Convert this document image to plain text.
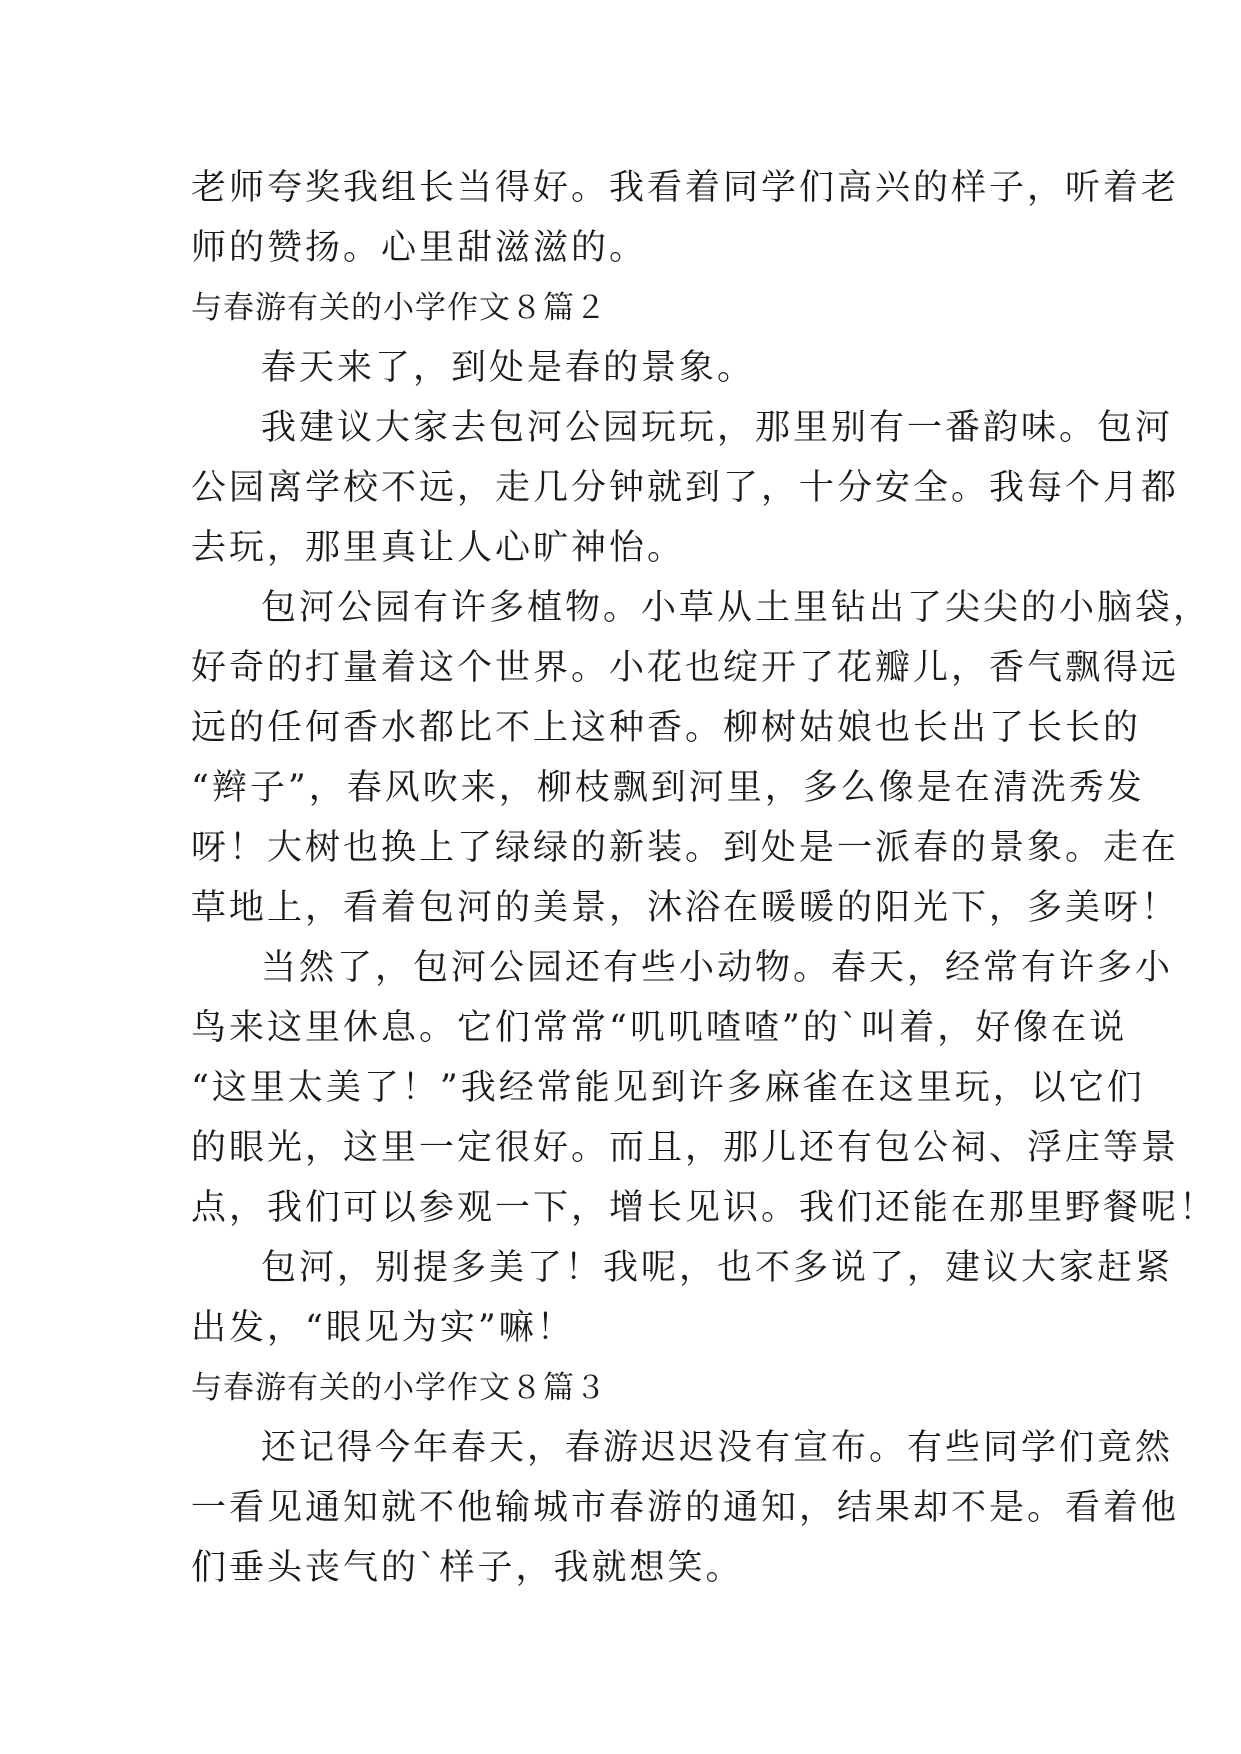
老师夸奖我组长当得好。我看着同学们高兴的样子，听着老
师的赞扬。心里甜滋滋的。
与春游有关的小学作文８篇２
春天来了，到处是春的景象。
我建议大家去包河公园玩玩，那里别有一番韵味。包河
公园离学校不远，走几分钟就到了，十分安全。我每个月都
去玩，那里真让人心旷神怡。
包河公园有许多植物。小草从土里钻出了尖尖的小脑袋，
好奇的打量着这个世界。小花也绽开了花瓣儿，香气飘得远
远的任何香水都比不上这种香。柳树姑娘也长出了长长的
“辫子”，春风吹来，柳枝飘到河里，多么像是在清洗秀发
呀！大树也换上了绿绿的新装。到处是一派春的景象。走在
草地上，看着包河的美景，沐浴在暖暖的阳光下，多美呀！
当然了，包河公园还有些小动物。春天，经常有许多小
鸟来这里休息。它们常常“叽叽喳喳”的`叫着，好像在说
“这里太美了！”我经常能见到许多麻雀在这里玩，以它们
的眼光，这里一定很好。而且，那儿还有包公祠、浮庄等景
点，我们可以参观一下，增长见识。我们还能在那里野餐呢！
包河，别提多美了！我呢，也不多说了，建议大家赶紧
出发，“眼见为实”嘛！
与春游有关的小学作文８篇３
还记得今年春天，春游迟迟没有宣布。有些同学们竟然
一看见通知就不他输城市春游的通知，结果却不是。看着他
们垂头丧气的`样子，我就想笑。
